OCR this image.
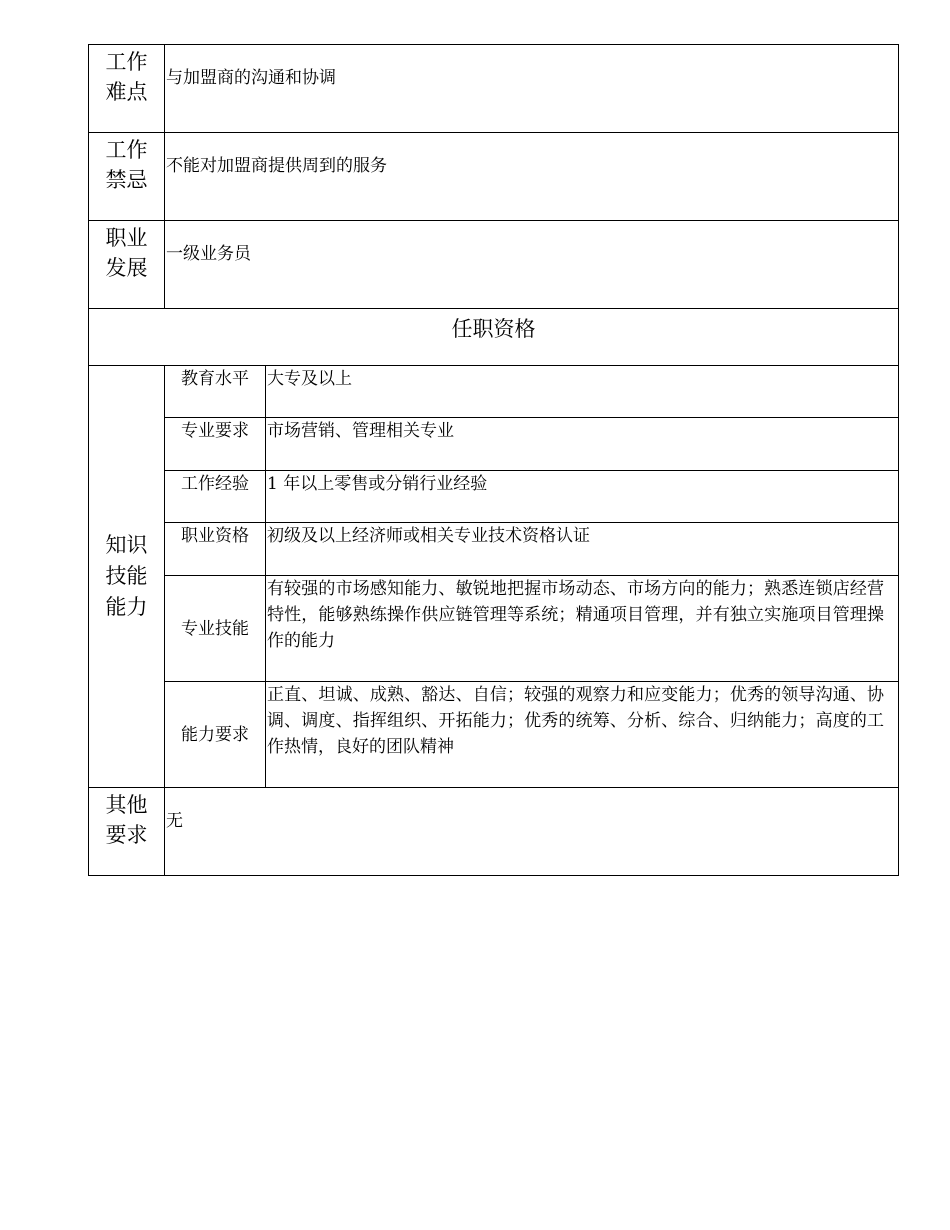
工作
难点	与加盟商的沟通和协调	

工作
禁忌	不能对加盟商提供周到的服务	

职业
发展	一级业务员	
任职资格		

知识
技能
能力	教育水平	大专及以上
	专业要求	市场营销、管理相关专业
	工作经验	1 年以上零售或分销行业经验
	职业资格	初级及以上经济师或相关专业技术资格认证
	专业技能	有较强的市场感知能力、敏锐地把握市场动态、市场方向的能力；熟悉连锁店经营特性，能够熟练操作供应链管理等系统；精通项目管理，并有独立实施项目管理操作的能力
	能力要求	正直、坦诚、成熟、豁达、自信；较强的观察力和应变能力；优秀的领导沟通、协调、调度、指挥组织、开拓能力；优秀的统筹、分析、综合、归纳能力；高度的工作热情，良好的团队精神

其他
要求	无	
